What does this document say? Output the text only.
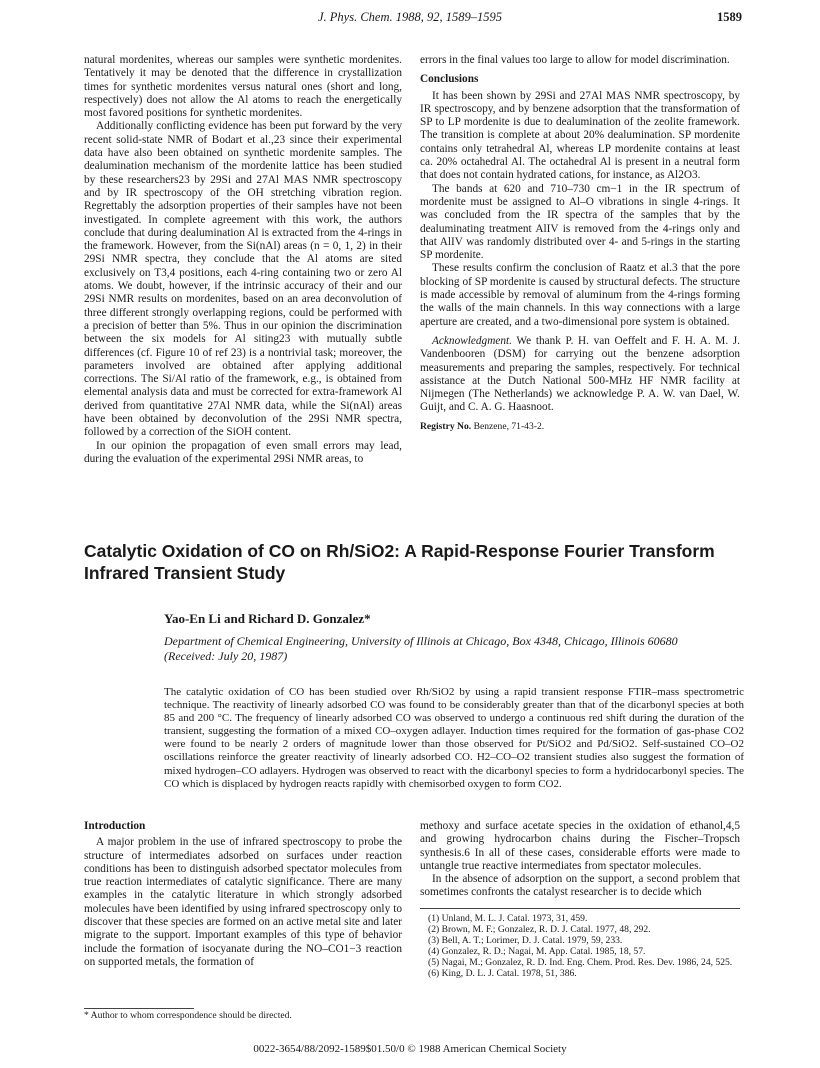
J. Phys. Chem. 1988, 92, 1589–1595	1589

natural mordenites, whereas our samples were synthetic mordenites. Tentatively it may be denoted that the difference in crystallization times for synthetic mordenites versus natural ones (short and long, respectively) does not allow the Al atoms to reach the energetically most favored positions for synthetic mordenites.

Additionally conflicting evidence has been put forward by the very recent solid-state NMR of Bodart et al.,23 since their experimental data have also been obtained on synthetic mordenite samples. The dealumination mechanism of the mordenite lattice has been studied by these researchers23 by 29Si and 27Al MAS NMR spectroscopy and by IR spectroscopy of the OH stretching vibration region. Regrettably the adsorption properties of their samples have not been investigated. In complete agreement with this work, the authors conclude that during dealumination Al is extracted from the 4-rings in the framework. However, from the Si(nAl) areas (n = 0, 1, 2) in their 29Si NMR spectra, they conclude that the Al atoms are sited exclusively on T3,4 positions, each 4-ring containing two or zero Al atoms. We doubt, however, if the intrinsic accuracy of their and our 29Si NMR results on mordenites, based on an area deconvolution of three different strongly overlapping regions, could be performed with a precision of better than 5%. Thus in our opinion the discrimination between the six models for Al siting23 with mutually subtle differences (cf. Figure 10 of ref 23) is a nontrivial task; moreover, the parameters involved are obtained after applying additional corrections. The Si/Al ratio of the framework, e.g., is obtained from elemental analysis data and must be corrected for extra-framework Al derived from quantitative 27Al NMR data, while the Si(nAl) areas have been obtained by deconvolution of the 29Si NMR spectra, followed by a correction of the SiOH content.

In our opinion the propagation of even small errors may lead, during the evaluation of the experimental 29Si NMR areas, to

errors in the final values too large to allow for model discrimination.

Conclusions

It has been shown by 29Si and 27Al MAS NMR spectroscopy, by IR spectroscopy, and by benzene adsorption that the transformation of SP to LP mordenite is due to dealumination of the zeolite framework. The transition is complete at about 20% dealumination. SP mordenite contains only tetrahedral Al, whereas LP mordenite contains at least ca. 20% octahedral Al. The octahedral Al is present in a neutral form that does not contain hydrated cations, for instance, as Al2O3.

The bands at 620 and 710–730 cm−1 in the IR spectrum of mordenite must be assigned to Al–O vibrations in single 4-rings. It was concluded from the IR spectra of the samples that by the dealuminating treatment AlIV is removed from the 4-rings only and that AlIV was randomly distributed over 4- and 5-rings in the starting SP mordenite.

These results confirm the conclusion of Raatz et al.3 that the pore blocking of SP mordenite is caused by structural defects. The structure is made accessible by removal of aluminum from the 4-rings forming the walls of the main channels. In this way connections with a large aperture are created, and a two-dimensional pore system is obtained.

Acknowledgment. We thank P. H. van Oeffelt and F. H. A. M. J. Vandenbooren (DSM) for carrying out the benzene adsorption measurements and preparing the samples, respectively. For technical assistance at the Dutch National 500-MHz HF NMR facility at Nijmegen (The Netherlands) we acknowledge P. A. W. van Dael, W. Guijt, and C. A. G. Haasnoot.

Registry No. Benzene, 71-43-2.
Catalytic Oxidation of CO on Rh/SiO2: A Rapid-Response Fourier Transform Infrared Transient Study
Yao-En Li and Richard D. Gonzalez*
Department of Chemical Engineering, University of Illinois at Chicago, Box 4348, Chicago, Illinois 60680
(Received: July 20, 1987)

The catalytic oxidation of CO has been studied over Rh/SiO2 by using a rapid transient response FTIR–mass spectrometric technique. The reactivity of linearly adsorbed CO was found to be considerably greater than that of the dicarbonyl species at both 85 and 200 °C. The frequency of linearly adsorbed CO was observed to undergo a continuous red shift during the duration of the transient, suggesting the formation of a mixed CO–oxygen adlayer. Induction times required for the formation of gas-phase CO2 were found to be nearly 2 orders of magnitude lower than those observed for Pt/SiO2 and Pd/SiO2. Self-sustained CO–O2 oscillations reinforce the greater reactivity of linearly adsorbed CO. H2–CO–O2 transient studies also suggest the formation of mixed hydrogen–CO adlayers. Hydrogen was observed to react with the dicarbonyl species to form a hydridocarbonyl species. The CO which is displaced by hydrogen reacts rapidly with chemisorbed oxygen to form CO2.

Introduction

A major problem in the use of infrared spectroscopy to probe the structure of intermediates adsorbed on surfaces under reaction conditions has been to distinguish adsorbed spectator molecules from true reaction intermediates of catalytic significance. There are many examples in the catalytic literature in which strongly adsorbed molecules have been identified by using infrared spectroscopy only to discover that these species are formed on an active metal site and later migrate to the support. Important examples of this type of behavior include the formation of isocyanate during the NO–CO1−3 reaction on supported metals, the formation of

methoxy and surface acetate species in the oxidation of ethanol,4,5 and growing hydrocarbon chains during the Fischer–Tropsch synthesis.6 In all of these cases, considerable efforts were made to untangle true reactive intermediates from spectator molecules.

In the absence of adsorption on the support, a second problem that sometimes confronts the catalyst researcher is to decide which

(1) Unland, M. L. J. Catal. 1973, 31, 459.
(2) Brown, M. F.; Gonzalez, R. D. J. Catal. 1977, 48, 292.
(3) Bell, A. T.; Lorimer, D. J. Catal. 1979, 59, 233.
(4) Gonzalez, R. D.; Nagai, M. App. Catal. 1985, 18, 57.
(5) Nagai, M.; Gonzalez, R. D. Ind. Eng. Chem. Prod. Res. Dev. 1986, 24, 525.
(6) King, D. L. J. Catal. 1978, 51, 386.
* Author to whom correspondence should be directed.
0022-3654/88/2092-1589$01.50/0 © 1988 American Chemical Society
